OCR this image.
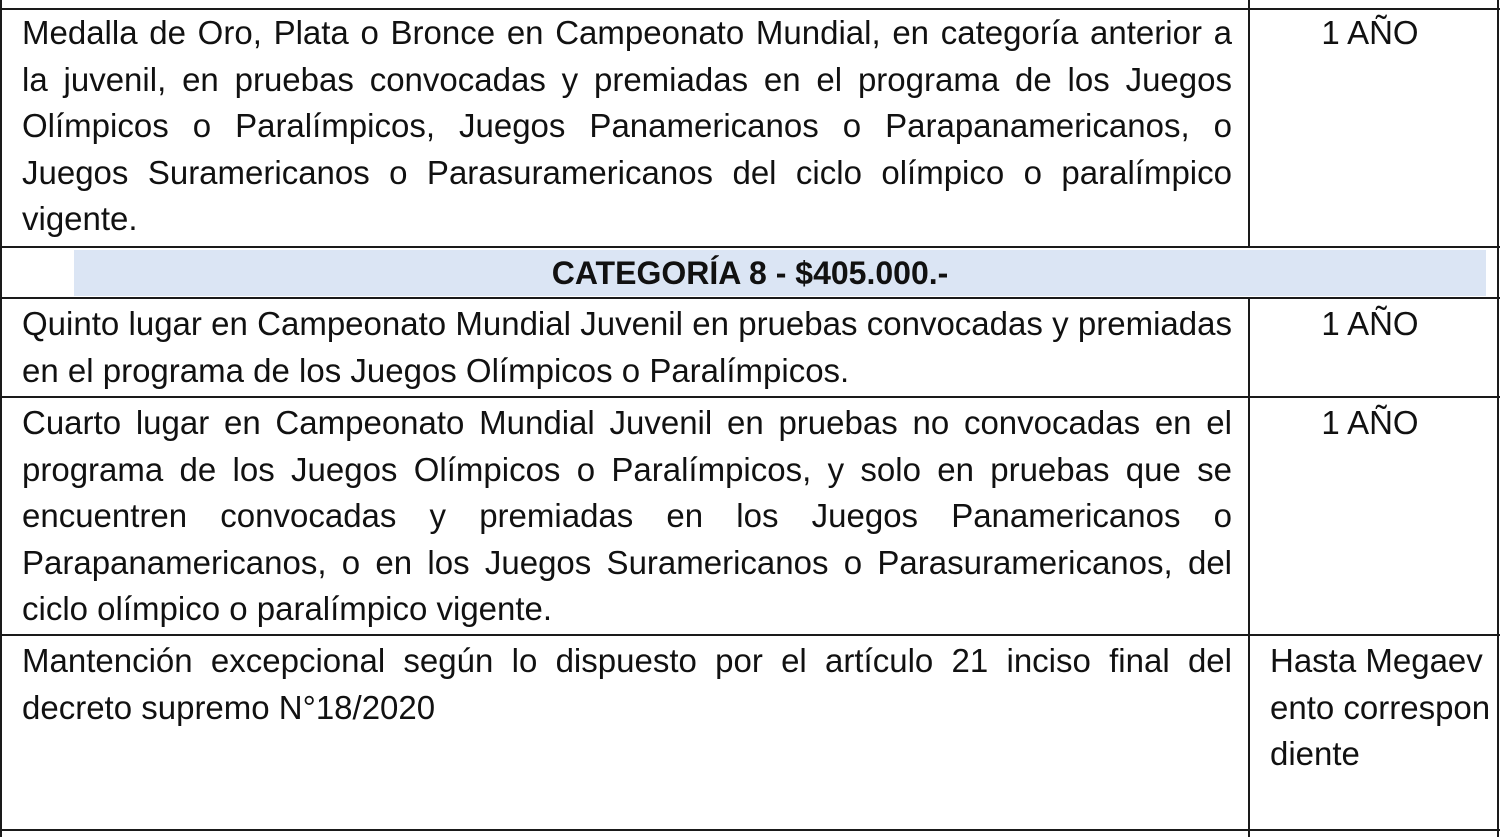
Medalla de Oro, Plata o Bronce en Campeonato Mundial, en categoría anterior a la juvenil, en pruebas convocadas y premiadas en el programa de los Juegos Olímpicos o Paralímpicos, Juegos Panamericanos o Parapanamericanos, o Juegos Suramericanos o Parasuramericanos del ciclo olímpico o paralímpico vigente.
1 AÑO
CATEGORÍA 8 - $405.000.-
Quinto lugar en Campeonato Mundial Juvenil en pruebas convocadas y premiadas en el programa de los Juegos Olímpicos o Paralímpicos.
1 AÑO
Cuarto lugar en Campeonato Mundial Juvenil en pruebas no convocadas en el programa de los Juegos Olímpicos o Paralímpicos, y solo en pruebas que se encuentren convocadas y premiadas en los Juegos Panamericanos o Parapanamericanos, o en los Juegos Suramericanos o Parasuramericanos, del ciclo olímpico o paralímpico vigente.
1 AÑO
Mantención excepcional según lo dispuesto por el artículo 21 inciso final del decreto supremo N°18/2020
Hasta Megaevento correspondiente
